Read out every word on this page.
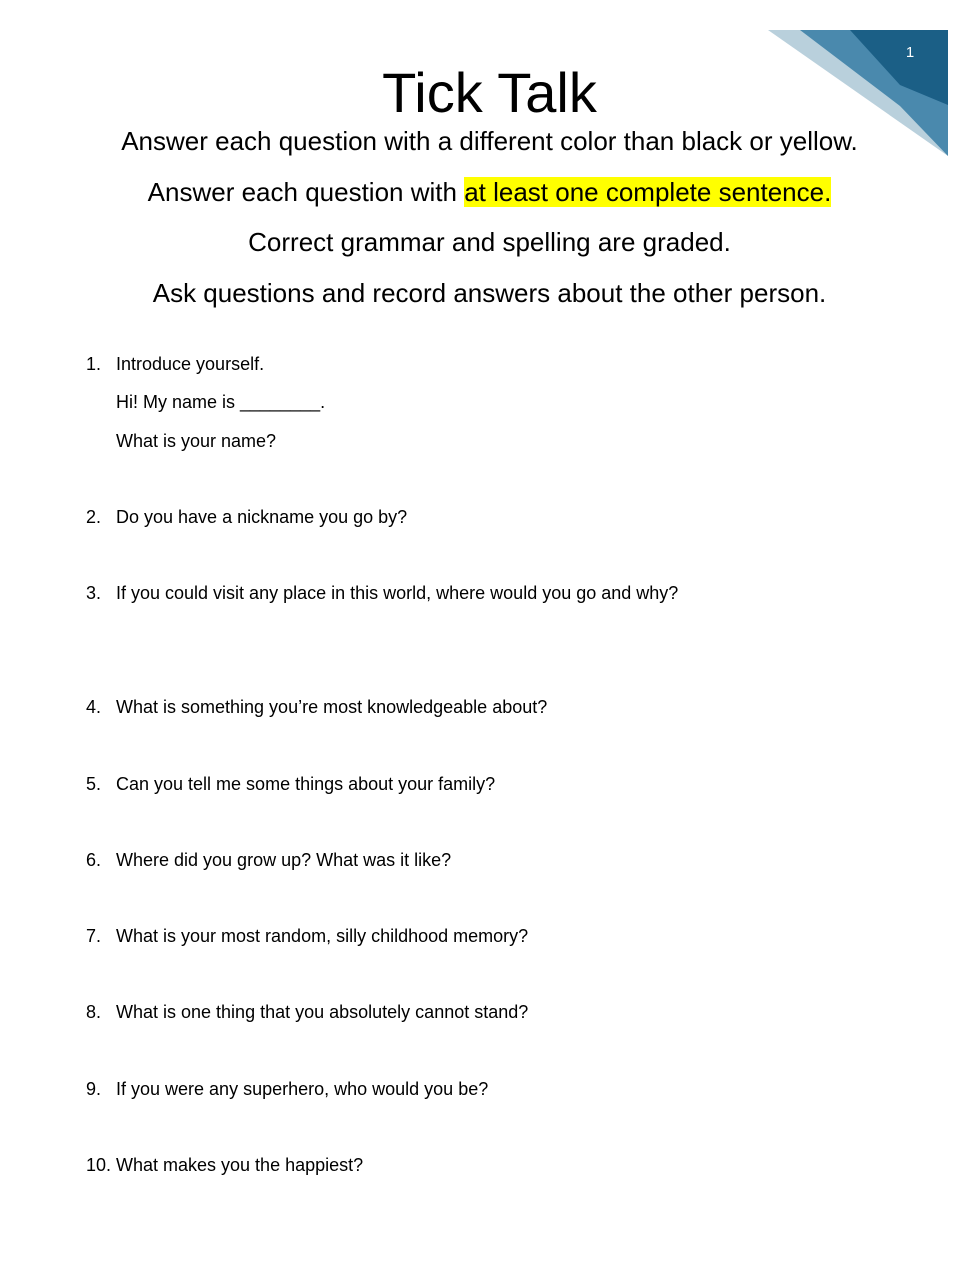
1
Tick Talk

Answer each question with a different color than black or yellow.

Answer each question with at least one complete sentence.

Correct grammar and spelling are graded.

Ask questions and record answers about the other person.

1. Introduce yourself.
Hi! My name is ________.
What is your name?
2. Do you have a nickname you go by?
3. If you could visit any place in this world, where would you go and why?
4. What is something you’re most knowledgeable about?
5. Can you tell me some things about your family?
6. Where did you grow up? What was it like?
7. What is your most random, silly childhood memory?
8. What is one thing that you absolutely cannot stand?
9. If you were any superhero, who would you be?
10. What makes you the happiest?
